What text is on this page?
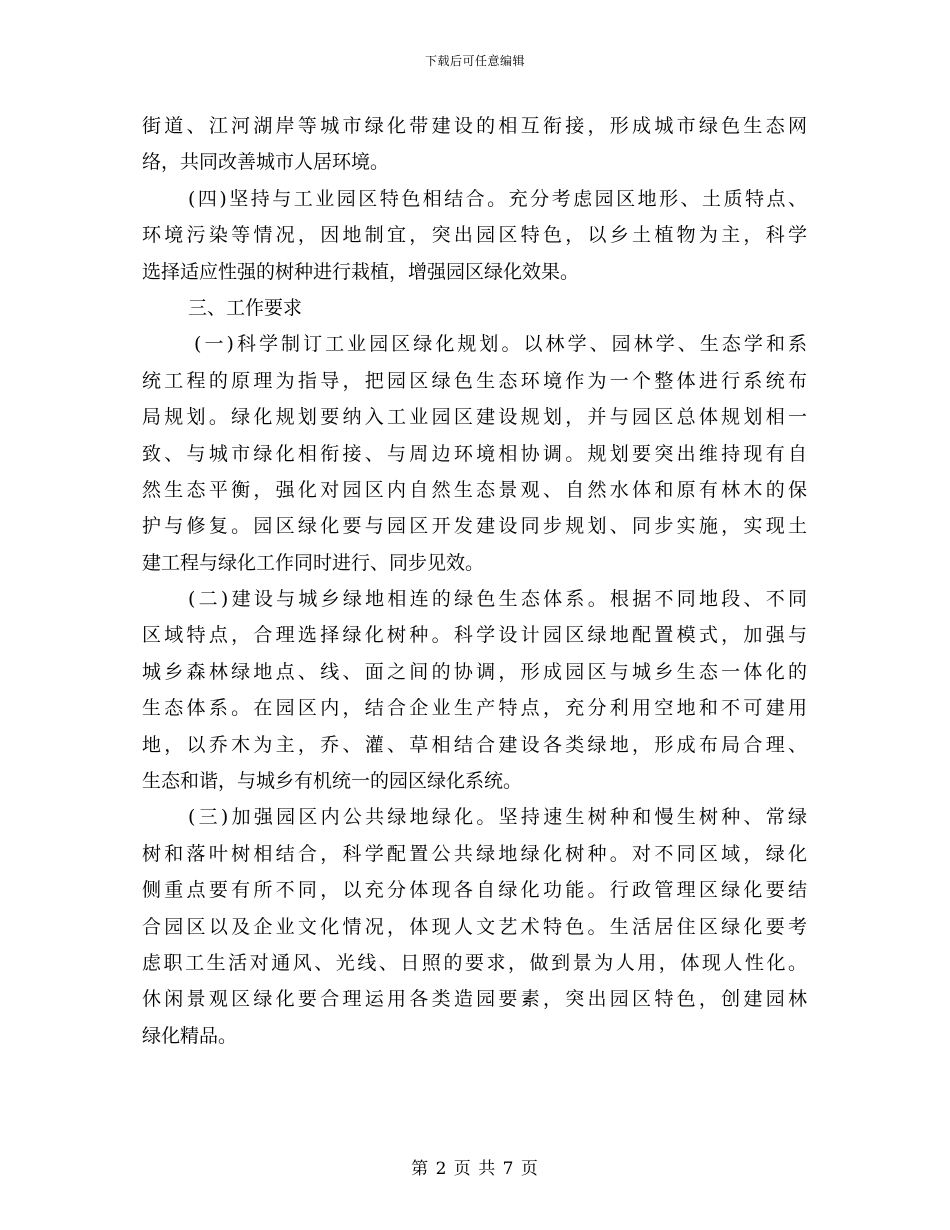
下载后可任意编辑
街道、江河湖岸等城市绿化带建设的相互衔接，形成城市绿色生态网
络，共同改善城市人居环境。
(四)坚持与工业园区特色相结合。充分考虑园区地形、土质特点、
环境污染等情况，因地制宜，突出园区特色，以乡土植物为主，科学
选择适应性强的树种进行栽植，增强园区绿化效果。
三、工作要求
(一)科学制订工业园区绿化规划。以林学、园林学、生态学和系
统工程的原理为指导，把园区绿色生态环境作为一个整体进行系统布
局规划。绿化规划要纳入工业园区建设规划，并与园区总体规划相一
致、与城市绿化相衔接、与周边环境相协调。规划要突出维持现有自
然生态平衡，强化对园区内自然生态景观、自然水体和原有林木的保
护与修复。园区绿化要与园区开发建设同步规划、同步实施，实现土
建工程与绿化工作同时进行、同步见效。
(二)建设与城乡绿地相连的绿色生态体系。根据不同地段、不同
区域特点，合理选择绿化树种。科学设计园区绿地配置模式，加强与
城乡森林绿地点、线、面之间的协调，形成园区与城乡生态一体化的
生态体系。在园区内，结合企业生产特点，充分利用空地和不可建用
地，以乔木为主，乔、灌、草相结合建设各类绿地，形成布局合理、
生态和谐，与城乡有机统一的园区绿化系统。
(三)加强园区内公共绿地绿化。坚持速生树种和慢生树种、常绿
树和落叶树相结合，科学配置公共绿地绿化树种。对不同区域，绿化
侧重点要有所不同，以充分体现各自绿化功能。行政管理区绿化要结
合园区以及企业文化情况，体现人文艺术特色。生活居住区绿化要考
虑职工生活对通风、光线、日照的要求，做到景为人用，体现人性化。
休闲景观区绿化要合理运用各类造园要素，突出园区特色，创建园林
绿化精品。
第 2 页 共 7 页
